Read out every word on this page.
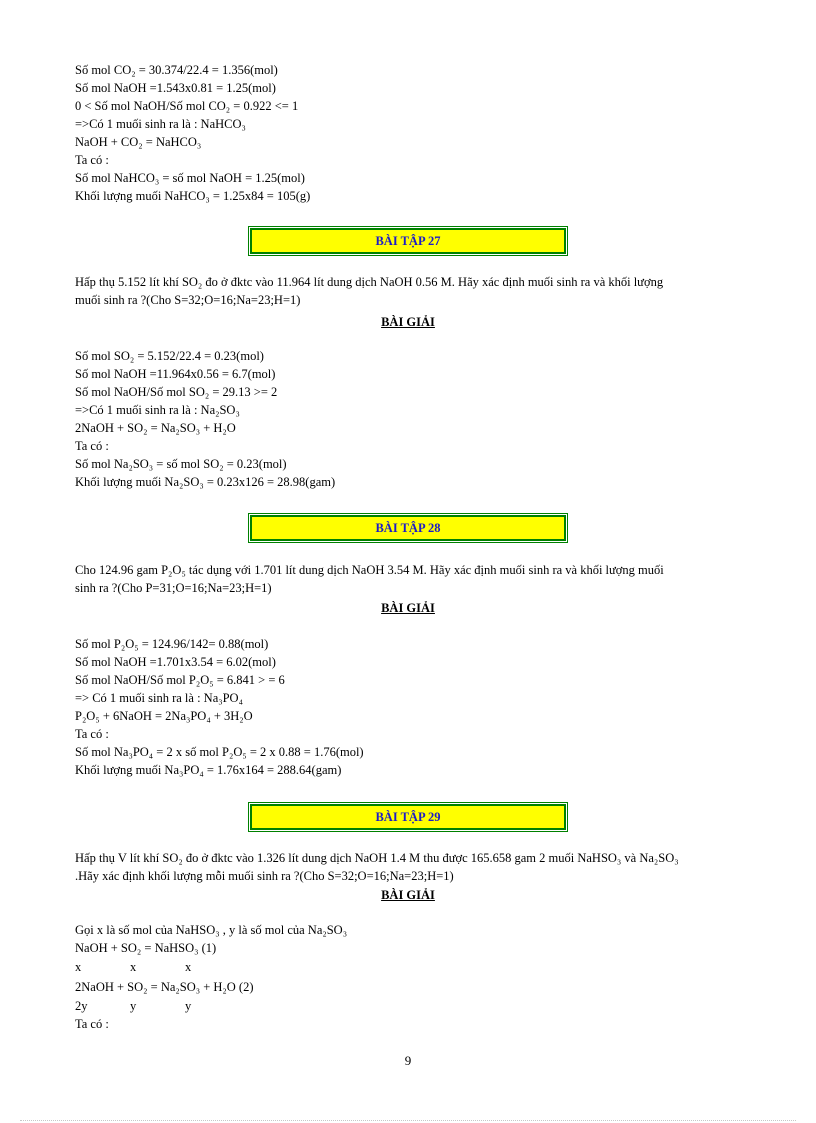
Số mol CO₂ = 30.374/22.4 = 1.356(mol)
Số mol NaOH =1.543x0.81 = 1.25(mol)
0 < Số mol NaOH/Số mol CO₂ = 0.922 <= 1
=>Có 1 muối sinh ra là : NaHCO₃
NaOH + CO₂ = NaHCO₃
Ta có :
Số mol NaHCO₃ = số mol NaOH = 1.25(mol)
Khối lượng muối NaHCO₃ = 1.25x84 = 105(g)
BÀI TẬP 27
Hấp thụ 5.152 lít khí SO₂ đo ở đktc vào 11.964 lít dung dịch NaOH 0.56 M. Hãy xác định muối sinh ra và khối lượng
muối sinh ra ?(Cho S=32;O=16;Na=23;H=1)
BÀI GIẢI
Số mol SO₂ = 5.152/22.4 = 0.23(mol)
Số mol NaOH =11.964x0.56 = 6.7(mol)
Số mol NaOH/Số mol SO₂ = 29.13 >= 2
=>Có 1 muối sinh ra là : Na₂SO₃
2NaOH + SO₂ = Na₂SO₃ + H₂O
Ta có :
Số mol Na₂SO₃ = số mol SO₂ = 0.23(mol)
Khối lượng muối Na₂SO₃ = 0.23x126 = 28.98(gam)
BÀI TẬP 28
Cho 124.96 gam P₂O₅ tác dụng với 1.701 lít dung dịch NaOH 3.54 M. Hãy xác định muối sinh ra và khối lượng muối
sinh ra ?(Cho P=31;O=16;Na=23;H=1)
BÀI GIẢI
Số mol P₂O₅ = 124.96/142= 0.88(mol)
Số mol NaOH =1.701x3.54 = 6.02(mol)
Số mol NaOH/Số mol P₂O₅ = 6.841 > = 6
=> Có 1 muối sinh ra là : Na₃PO₄
P₂O₅ + 6NaOH = 2Na₃PO₄ + 3H₂O
Ta có :
Số mol Na₃PO₄ = 2 x số mol P₂O₅ = 2 x 0.88 = 1.76(mol)
Khối lượng muối Na₃PO₄ = 1.76x164 = 288.64(gam)
BÀI TẬP 29
Hấp thụ V lít khí SO₂ đo ở đktc vào 1.326 lít dung dịch NaOH 1.4 M thu được 165.658 gam 2 muối NaHSO₃ và Na₂SO₃
.Hãy xác định khối lượng mỗi muối sinh ra ?(Cho S=32;O=16;Na=23;H=1)
BÀI GIẢI
Gọi x là số mol của NaHSO₃ , y là số mol của Na₂SO₃
NaOH + SO₂ = NaHSO₃ (1)
x	x	x
2NaOH + SO₂ = Na₂SO₃ + H₂O (2)
2y	y	y
Ta có :
9
